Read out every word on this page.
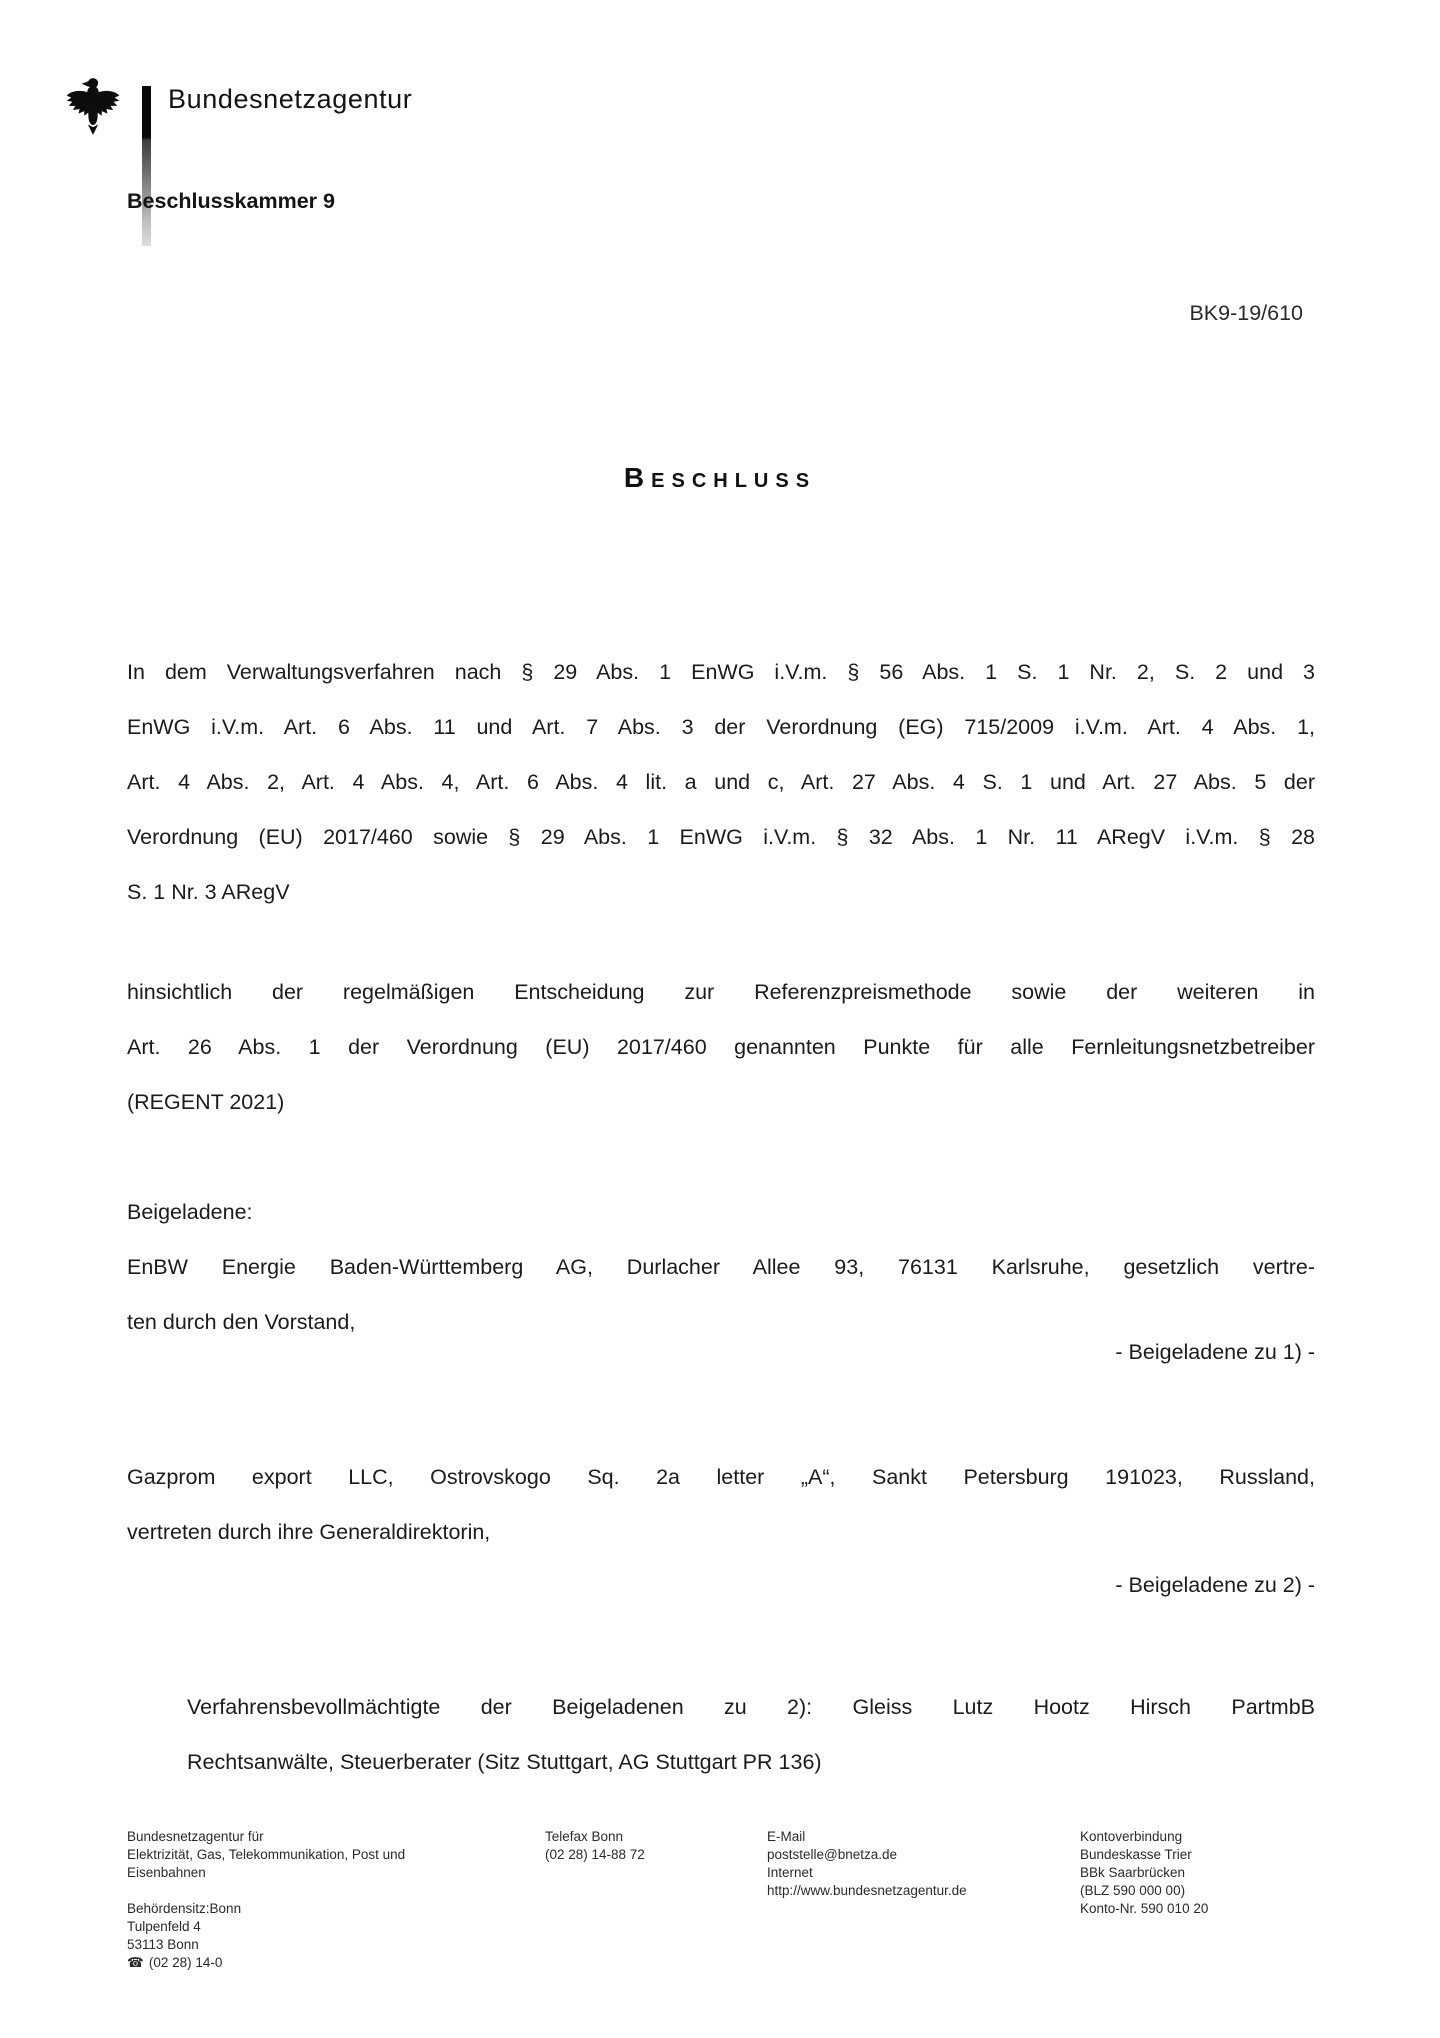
Bundesnetzagentur
Beschlusskammer 9
BK9-19/610
Beschluss
In dem Verwaltungsverfahren nach § 29 Abs. 1 EnWG i.V.m. § 56 Abs. 1 S. 1 Nr. 2, S. 2 und 3
EnWG i.V.m. Art. 6 Abs. 11 und Art. 7 Abs. 3 der Verordnung (EG) 715/2009 i.V.m. Art. 4 Abs. 1,
Art. 4 Abs. 2, Art. 4 Abs. 4, Art. 6 Abs. 4 lit. a und c, Art. 27 Abs. 4 S. 1 und Art. 27 Abs. 5 der
Verordnung (EU) 2017/460 sowie § 29 Abs. 1 EnWG i.V.m. § 32 Abs. 1 Nr. 11 ARegV i.V.m. § 28
S. 1 Nr. 3 ARegV
hinsichtlich der regelmäßigen Entscheidung zur Referenzpreismethode sowie der weiteren in
Art. 26 Abs. 1 der Verordnung (EU) 2017/460 genannten Punkte für alle Fernleitungsnetzbetreiber
(REGENT 2021)
Beigeladene:
EnBW Energie Baden-Württemberg AG, Durlacher Allee 93, 76131 Karlsruhe, gesetzlich vertre-
ten durch den Vorstand,
- Beigeladene zu 1) -
Gazprom export LLC, Ostrovskogo Sq. 2a letter „A“, Sankt Petersburg 191023, Russland,
vertreten durch ihre Generaldirektorin,
- Beigeladene zu 2) -
Verfahrensbevollmächtigte der Beigeladenen zu 2): Gleiss Lutz Hootz Hirsch PartmbB
Rechtsanwälte, Steuerberater (Sitz Stuttgart, AG Stuttgart PR 136)
Bundesnetzagentur für
Elektrizität, Gas, Telekommunikation, Post und
Eisenbahnen
Behördensitz:Bonn
Tulpenfeld 4
53113 Bonn
☎ (02 28) 14-0
Telefax Bonn
(02 28) 14-88 72
E-Mail
poststelle@bnetza.de
Internet
http://www.bundesnetzagentur.de
Kontoverbindung
Bundeskasse Trier
BBk Saarbrücken
(BLZ 590 000 00)
Konto-Nr. 590 010 20
